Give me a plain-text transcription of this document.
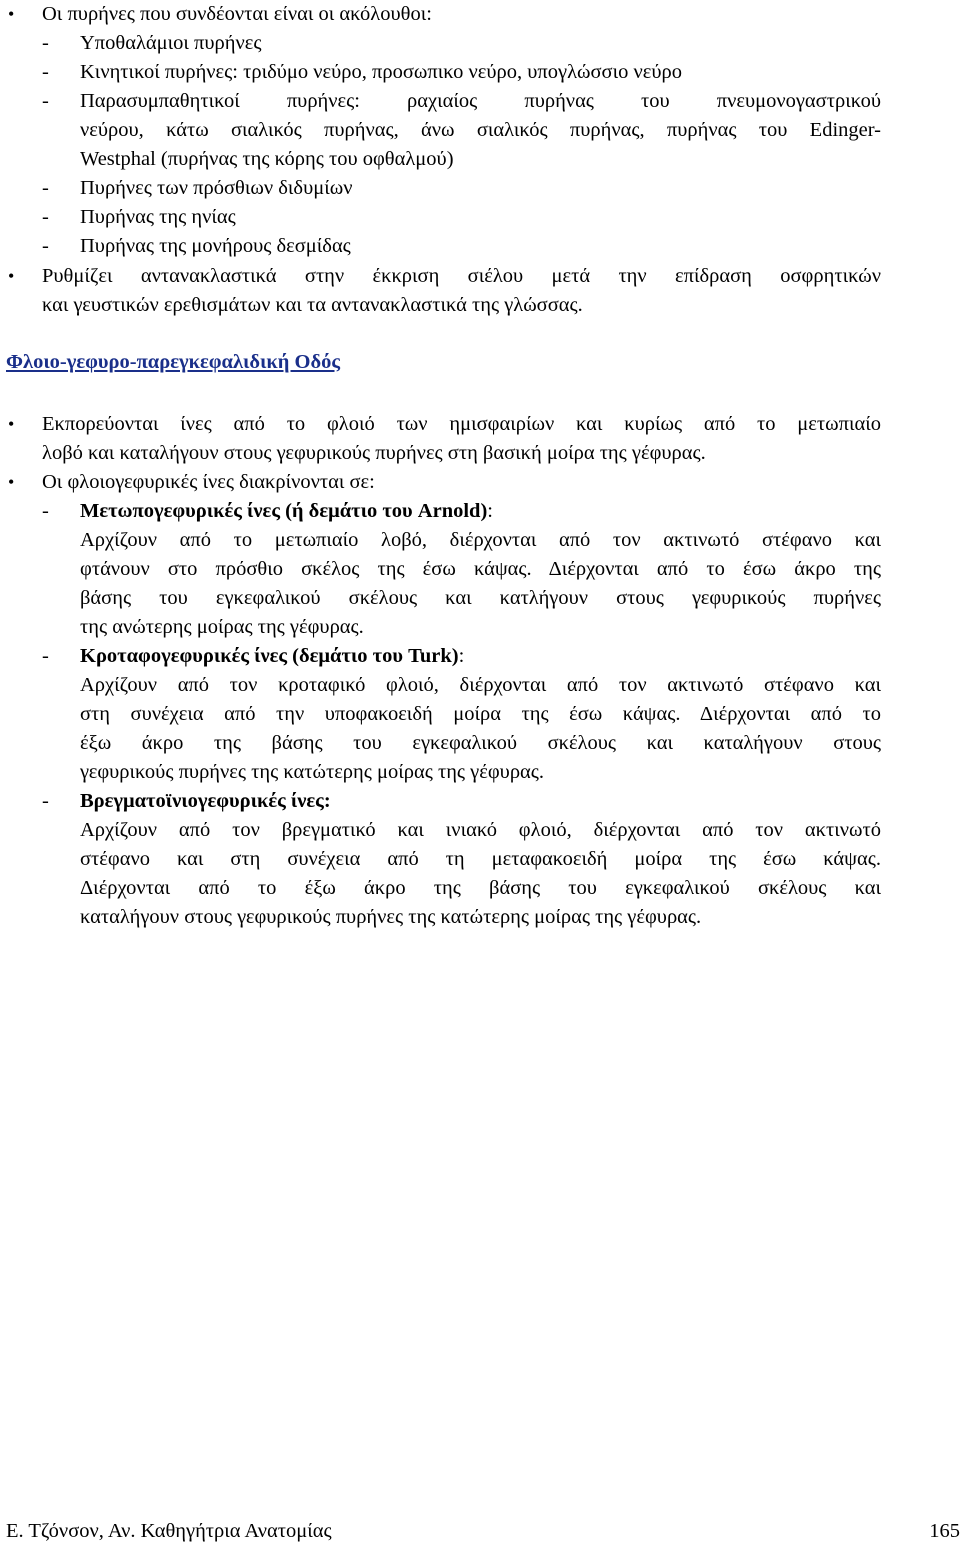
• Οι πυρήνες που συνδέονται είναι οι ακόλουθοι:
- Υποθαλάμιοι πυρήνες
- Κινητικοί πυρήνες: τριδύμο νεύρο, προσωπικο νεύρο, υπογλώσσιο νεύρο
- Παρασυμπαθητικοί πυρήνες: ραχιαίος πυρήνας του πνευμονογαστρικού
νεύρου, κάτω σιαλικός πυρήνας, άνω σιαλικός πυρήνας, πυρήνας του Edinger-
Westphal (πυρήνας της κόρης του οφθαλμού)
- Πυρήνες των πρόσθιων διδυμίων
- Πυρήνας της ηνίας
- Πυρήνας της μονήρους δεσμίδας
• Ρυθμίζει αντανακλαστικά στην έκκριση σιέλου μετά την επίδραση οσφρητικών
και γευστικών ερεθισμάτων και τα αντανακλαστικά της γλώσσας.
Φλοιο-γεφυρο-παρεγκεφαλιδική Οδός
• Εκπορεύονται ίνες από το φλοιό των ημισφαιρίων και κυρίως από το μετωπιαίο
λοβό και καταλήγουν στους γεφυρικούς πυρήνες στη βασική μοίρα της γέφυρας.
• Οι φλοιογεφυρικές ίνες διακρίνονται σε:
- Μετωπογεφυρικές ίνες (ή δεμάτιο του Arnold):
Αρχίζουν από το μετωπιαίο λοβό, διέρχονται από τον ακτινωτό στέφανο και
φτάνουν στο πρόσθιο σκέλος της έσω κάψας. Διέρχονται από το έσω άκρο της
βάσης του εγκεφαλικού σκέλους και κατλήγουν στους γεφυρικούς πυρήνες
της ανώτερης μοίρας της γέφυρας.
- Κροταφογεφυρικές ίνες (δεμάτιο του Turk):
Αρχίζουν από τον κροταφικό φλοιό, διέρχονται από τον ακτινωτό στέφανο και
στη συνέχεια από την υποφακοειδή μοίρα της έσω κάψας. Διέρχονται από το
έξω άκρο της βάσης του εγκεφαλικού σκέλους και καταλήγουν στους
γεφυρικούς πυρήνες της κατώτερης μοίρας της γέφυρας.
- Βρεγματοϊνιογεφυρικές ίνες:
Αρχίζουν από τον βρεγματικό και ινιακό φλοιό, διέρχονται από τον ακτινωτό
στέφανο και στη συνέχεια από τη μεταφακοειδή μοίρα της έσω κάψας.
Διέρχονται από το έξω άκρο της βάσης του εγκεφαλικού σκέλους και
καταλήγουν στους γεφυρικούς πυρήνες της κατώτερης μοίρας της γέφυρας.
Ε. Τζόνσον, Αν. Καθηγήτρια Ανατομίας	165
